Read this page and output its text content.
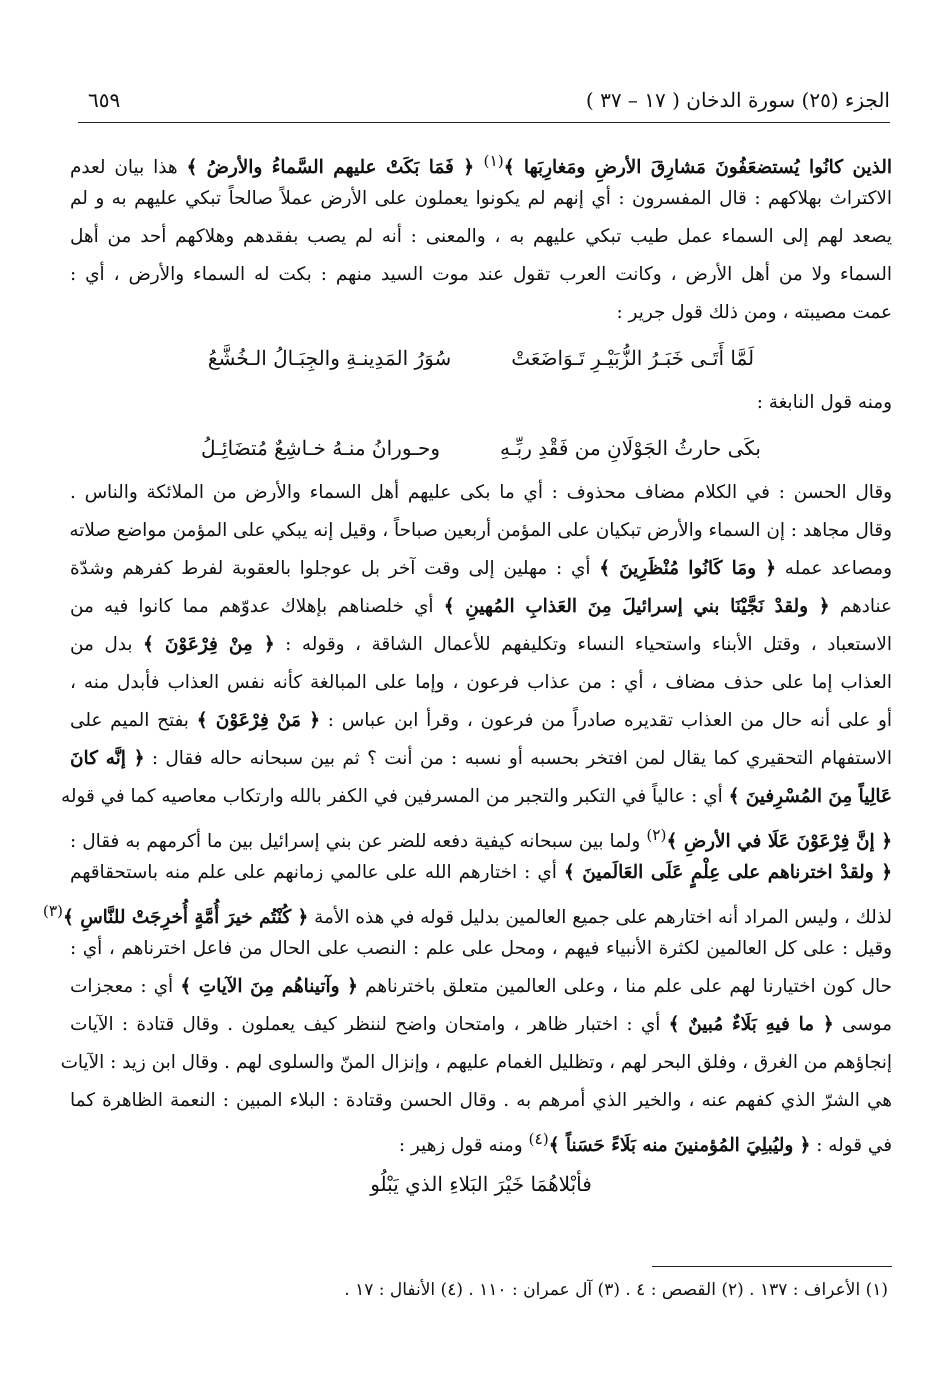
الجزء (٢٥) سورة الدخان ( ١٧ – ٣٧ )
٦٥٩
الذين كانُوا يُستضعَفُونَ مَشارِقَ الأرضِ ومَغارِبَها ﴾$^{(١)}$ ﴿ فَمَا بَكَتْ عليهم السَّماءُ والأرضُ ﴾ هذا بيان لعدم
الاكتراث بهلاكهم : قال المفسرون : أي إنهم لم يكونوا يعملون على الأرض عملاً صالحاً تبكي عليهم به و لم
يصعد لهم إلى السماء عمل طيب تبكي عليهم به ، والمعنى : أنه لم يصب بفقدهم وهلاكهم أحد من أهل
السماء ولا من أهل الأرض ، وكانت العرب تقول عند موت السيد منهم : بكت له السماء والأرض ، أي :
عمت مصيبته ، ومن ذلك قول جرير :
لَمَّا أَتَـى خَبَـرُ الزُّبَيْـرِ تَـوَاضَعَتْ
سُوَرُ المَدِينـةِ والجِبَـالُ الـخُشَّعُ
ومنه قول النابغة :
بكَى حارثُ الجَوْلَانِ من فَقْدِ ربِّـهِ
وحـورانُ منـهُ خـاشِعٌ مُتضَائِـلُ
وقال الحسن : في الكلام مضاف محذوف : أي ما بكى عليهم أهل السماء والأرض من الملائكة والناس .
وقال مجاهد : إن السماء والأرض تبكيان على المؤمن أربعين صباحاً ، وقيل إنه يبكي على المؤمن مواضع صلاته
ومصاعد عمله ﴿ ومَا كَانُوا مُنْظَرِينَ ﴾ أي : مهلين إلى وقت آخر بل عوجلوا بالعقوبة لفرط كفرهم وشدّة
عنادهم ﴿ ولقدْ نَجَّيْنَا بني إسرائيلَ مِنَ العَذابِ المُهينِ ﴾ أي خلصناهم بإهلاك عدوّهم مما كانوا فيه من
الاستعباد ، وقتل الأبناء واستحياء النساء وتكليفهم للأعمال الشاقة ، وقوله : ﴿ مِنْ فِرْعَوْنَ ﴾ بدل من
العذاب إما على حذف مضاف ، أي : من عذاب فرعون ، وإما على المبالغة كأنه نفس العذاب فأبدل منه ،
أو على أنه حال من العذاب تقديره صادراً من فرعون ، وقرأ ابن عباس : ﴿ مَنْ فِرْعَوْنَ ﴾ بفتح الميم على
الاستفهام التحقيري كما يقال لمن افتخر بحسبه أو نسبه : من أنت ؟ ثم بين سبحانه حاله فقال : ﴿ إنَّه كانَ
عَالِياً مِنَ المُسْرِفينَ ﴾ أي : عالياً في التكبر والتجبر من المسرفين في الكفر بالله وارتكاب معاصيه كما في قوله
﴿ إنَّ فِرْعَوْنَ عَلَا في الأرضِ ﴾$^{(٢)}$ ولما بين سبحانه كيفية دفعه للضر عن بني إسرائيل بين ما أكرمهم به فقال :
﴿ ولقدْ اخترناهم على عِلْمٍ عَلَى العَالَمينَ ﴾ أي : اختارهم الله على عالمي زمانهم على علم منه باستحقاقهم
لذلك ، وليس المراد أنه اختارهم على جميع العالمين بدليل قوله في هذه الأمة ﴿ كُنْتُم خيرَ أُمَّةٍ أُخرِجَتْ للنَّاسِ ﴾$^{(٣)}$
وقيل : على كل العالمين لكثرة الأنبياء فيهم ، ومحل على علم : النصب على الحال من فاعل اخترناهم ، أي :
حال كون اختيارنا لهم على علم منا ، وعلى العالمين متعلق باخترناهم ﴿ وآتيناهُم مِنَ الآياتِ ﴾ أي : معجزات
موسى ﴿ ما فيهِ بَلَاءٌ مُبينٌ ﴾ أي : اختبار ظاهر ، وامتحان واضح لننظر كيف يعملون . وقال قتادة : الآيات
إنجاؤهم من الغرق ، وفلق البحر لهم ، وتظليل الغمام عليهم ، وإنزال المنّ والسلوى لهم . وقال ابن زيد : الآيات
هي الشرّ الذي كفهم عنه ، والخير الذي أمرهم به . وقال الحسن وقتادة : البلاء المبين : النعمة الظاهرة كما
في قوله : ﴿ وليُبلِيَ المُؤمنينَ منه بَلَاءً حَسَناً ﴾$^{(٤)}$ ومنه قول زهير :
فأبْلاهُمَا خَيْرَ البَلاءِ الذي يَبْلُو
(١) الأعراف : ١٣٧ . (٢) القصص : ٤ . (٣) آل عمران : ١١٠ . (٤) الأنفال : ١٧ .
